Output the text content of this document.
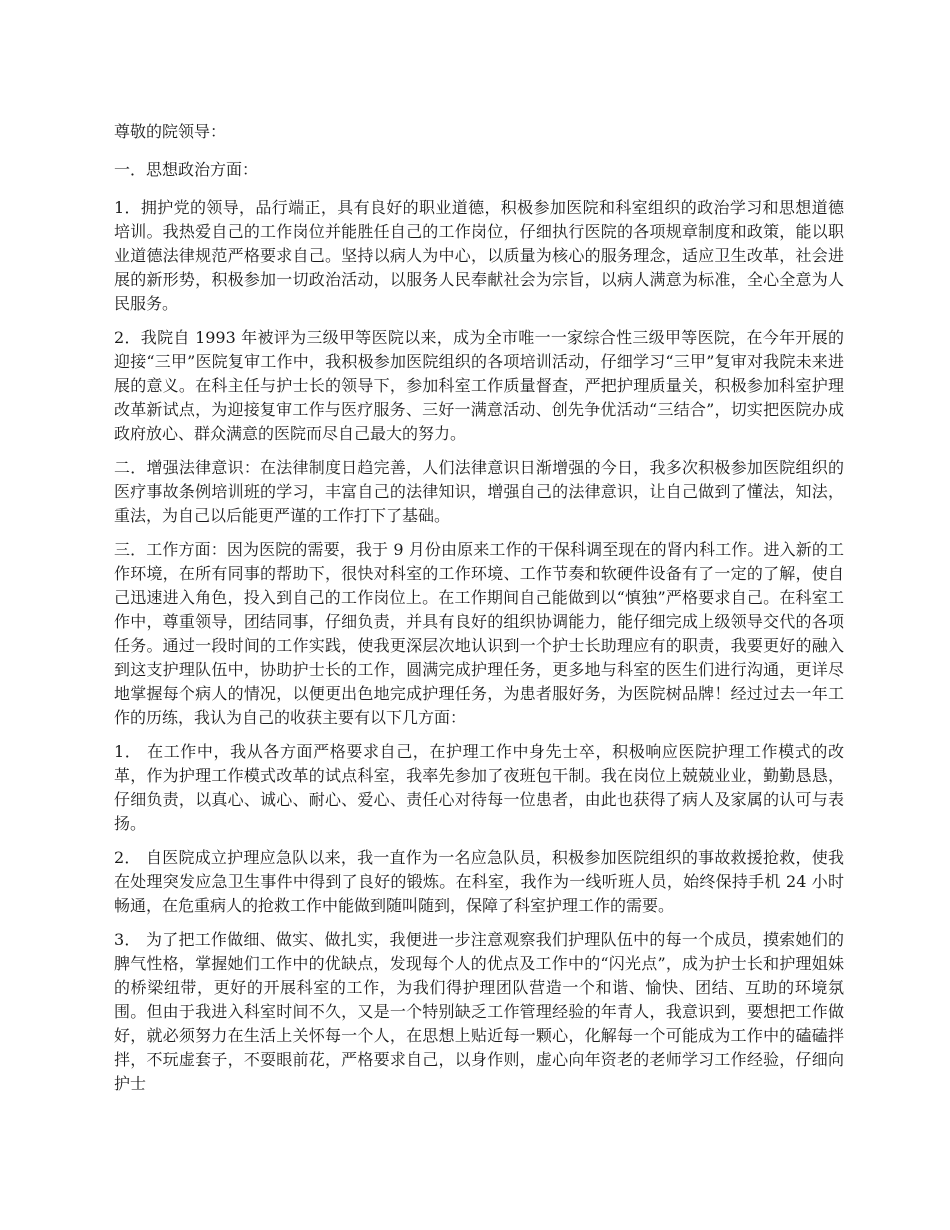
尊敬的院领导：

一．思想政治方面：

1．拥护党的领导，品行端正，具有良好的职业道德，积极参加医院和科室组织的政治学习和思想道德培训。我热爱自己的工作岗位并能胜任自己的工作岗位，仔细执行医院的各项规章制度和政策，能以职业道德法律规范严格要求自己。坚持以病人为中心，以质量为核心的服务理念，适应卫生改革，社会进展的新形势，积极参加一切政治活动，以服务人民奉献社会为宗旨，以病人满意为标准，全心全意为人民服务。

2．我院自 1993 年被评为三级甲等医院以来，成为全市唯一一家综合性三级甲等医院，在今年开展的迎接“三甲”医院复审工作中，我积极参加医院组织的各项培训活动，仔细学习“三甲”复审对我院未来进展的意义。在科主任与护士长的领导下，参加科室工作质量督查，严把护理质量关，积极参加科室护理改革新试点，为迎接复审工作与医疗服务、三好一满意活动、创先争优活动“三结合”，切实把医院办成政府放心、群众满意的医院而尽自己最大的努力。

二．增强法律意识：在法律制度日趋完善，人们法律意识日渐增强的今日，我多次积极参加医院组织的医疗事故条例培训班的学习，丰富自己的法律知识，增强自己的法律意识，让自己做到了懂法，知法，重法，为自己以后能更严谨的工作打下了基础。

三．工作方面：因为医院的需要，我于 9 月份由原来工作的干保科调至现在的肾内科工作。进入新的工作环境，在所有同事的帮助下，很快对科室的工作环境、工作节奏和软硬件设备有了一定的了解，使自己迅速进入角色，投入到自己的工作岗位上。在工作期间自己能做到以“慎独”严格要求自己。在科室工作中，尊重领导，团结同事，仔细负责，并具有良好的组织协调能力，能仔细完成上级领导交代的各项任务。通过一段时间的工作实践，使我更深层次地认识到一个护士长助理应有的职责，我要更好的融入到这支护理队伍中，协助护士长的工作，圆满完成护理任务，更多地与科室的医生们进行沟通，更详尽地掌握每个病人的情况，以便更出色地完成护理任务，为患者服好务，为医院树品牌！经过过去一年工作的历练，我认为自己的收获主要有以下几方面：

1． 在工作中，我从各方面严格要求自己，在护理工作中身先士卒，积极响应医院护理工作模式的改革，作为护理工作模式改革的试点科室，我率先参加了夜班包干制。我在岗位上兢兢业业，勤勤恳恳，仔细负责，以真心、诚心、耐心、爱心、责任心对待每一位患者，由此也获得了病人及家属的认可与表扬。

2． 自医院成立护理应急队以来，我一直作为一名应急队员，积极参加医院组织的事故救援抢救，使我在处理突发应急卫生事件中得到了良好的锻炼。在科室，我作为一线听班人员，始终保持手机 24 小时畅通，在危重病人的抢救工作中能做到随叫随到，保障了科室护理工作的需要。

3． 为了把工作做细、做实、做扎实，我便进一步注意观察我们护理队伍中的每一个成员，摸索她们的脾气性格，掌握她们工作中的优缺点，发现每个人的优点及工作中的“闪光点”，成为护士长和护理姐妹的桥梁纽带，更好的开展科室的工作，为我们得护理团队营造一个和谐、愉快、团结、互助的环境氛围。但由于我进入科室时间不久，又是一个特别缺乏工作管理经验的年青人，我意识到，要想把工作做好，就必须努力在生活上关怀每一个人，在思想上贴近每一颗心，化解每一个可能成为工作中的磕磕拌拌，不玩虚套子，不耍眼前花，严格要求自己，以身作则，虚心向年资老的老师学习工作经验，仔细向护士
